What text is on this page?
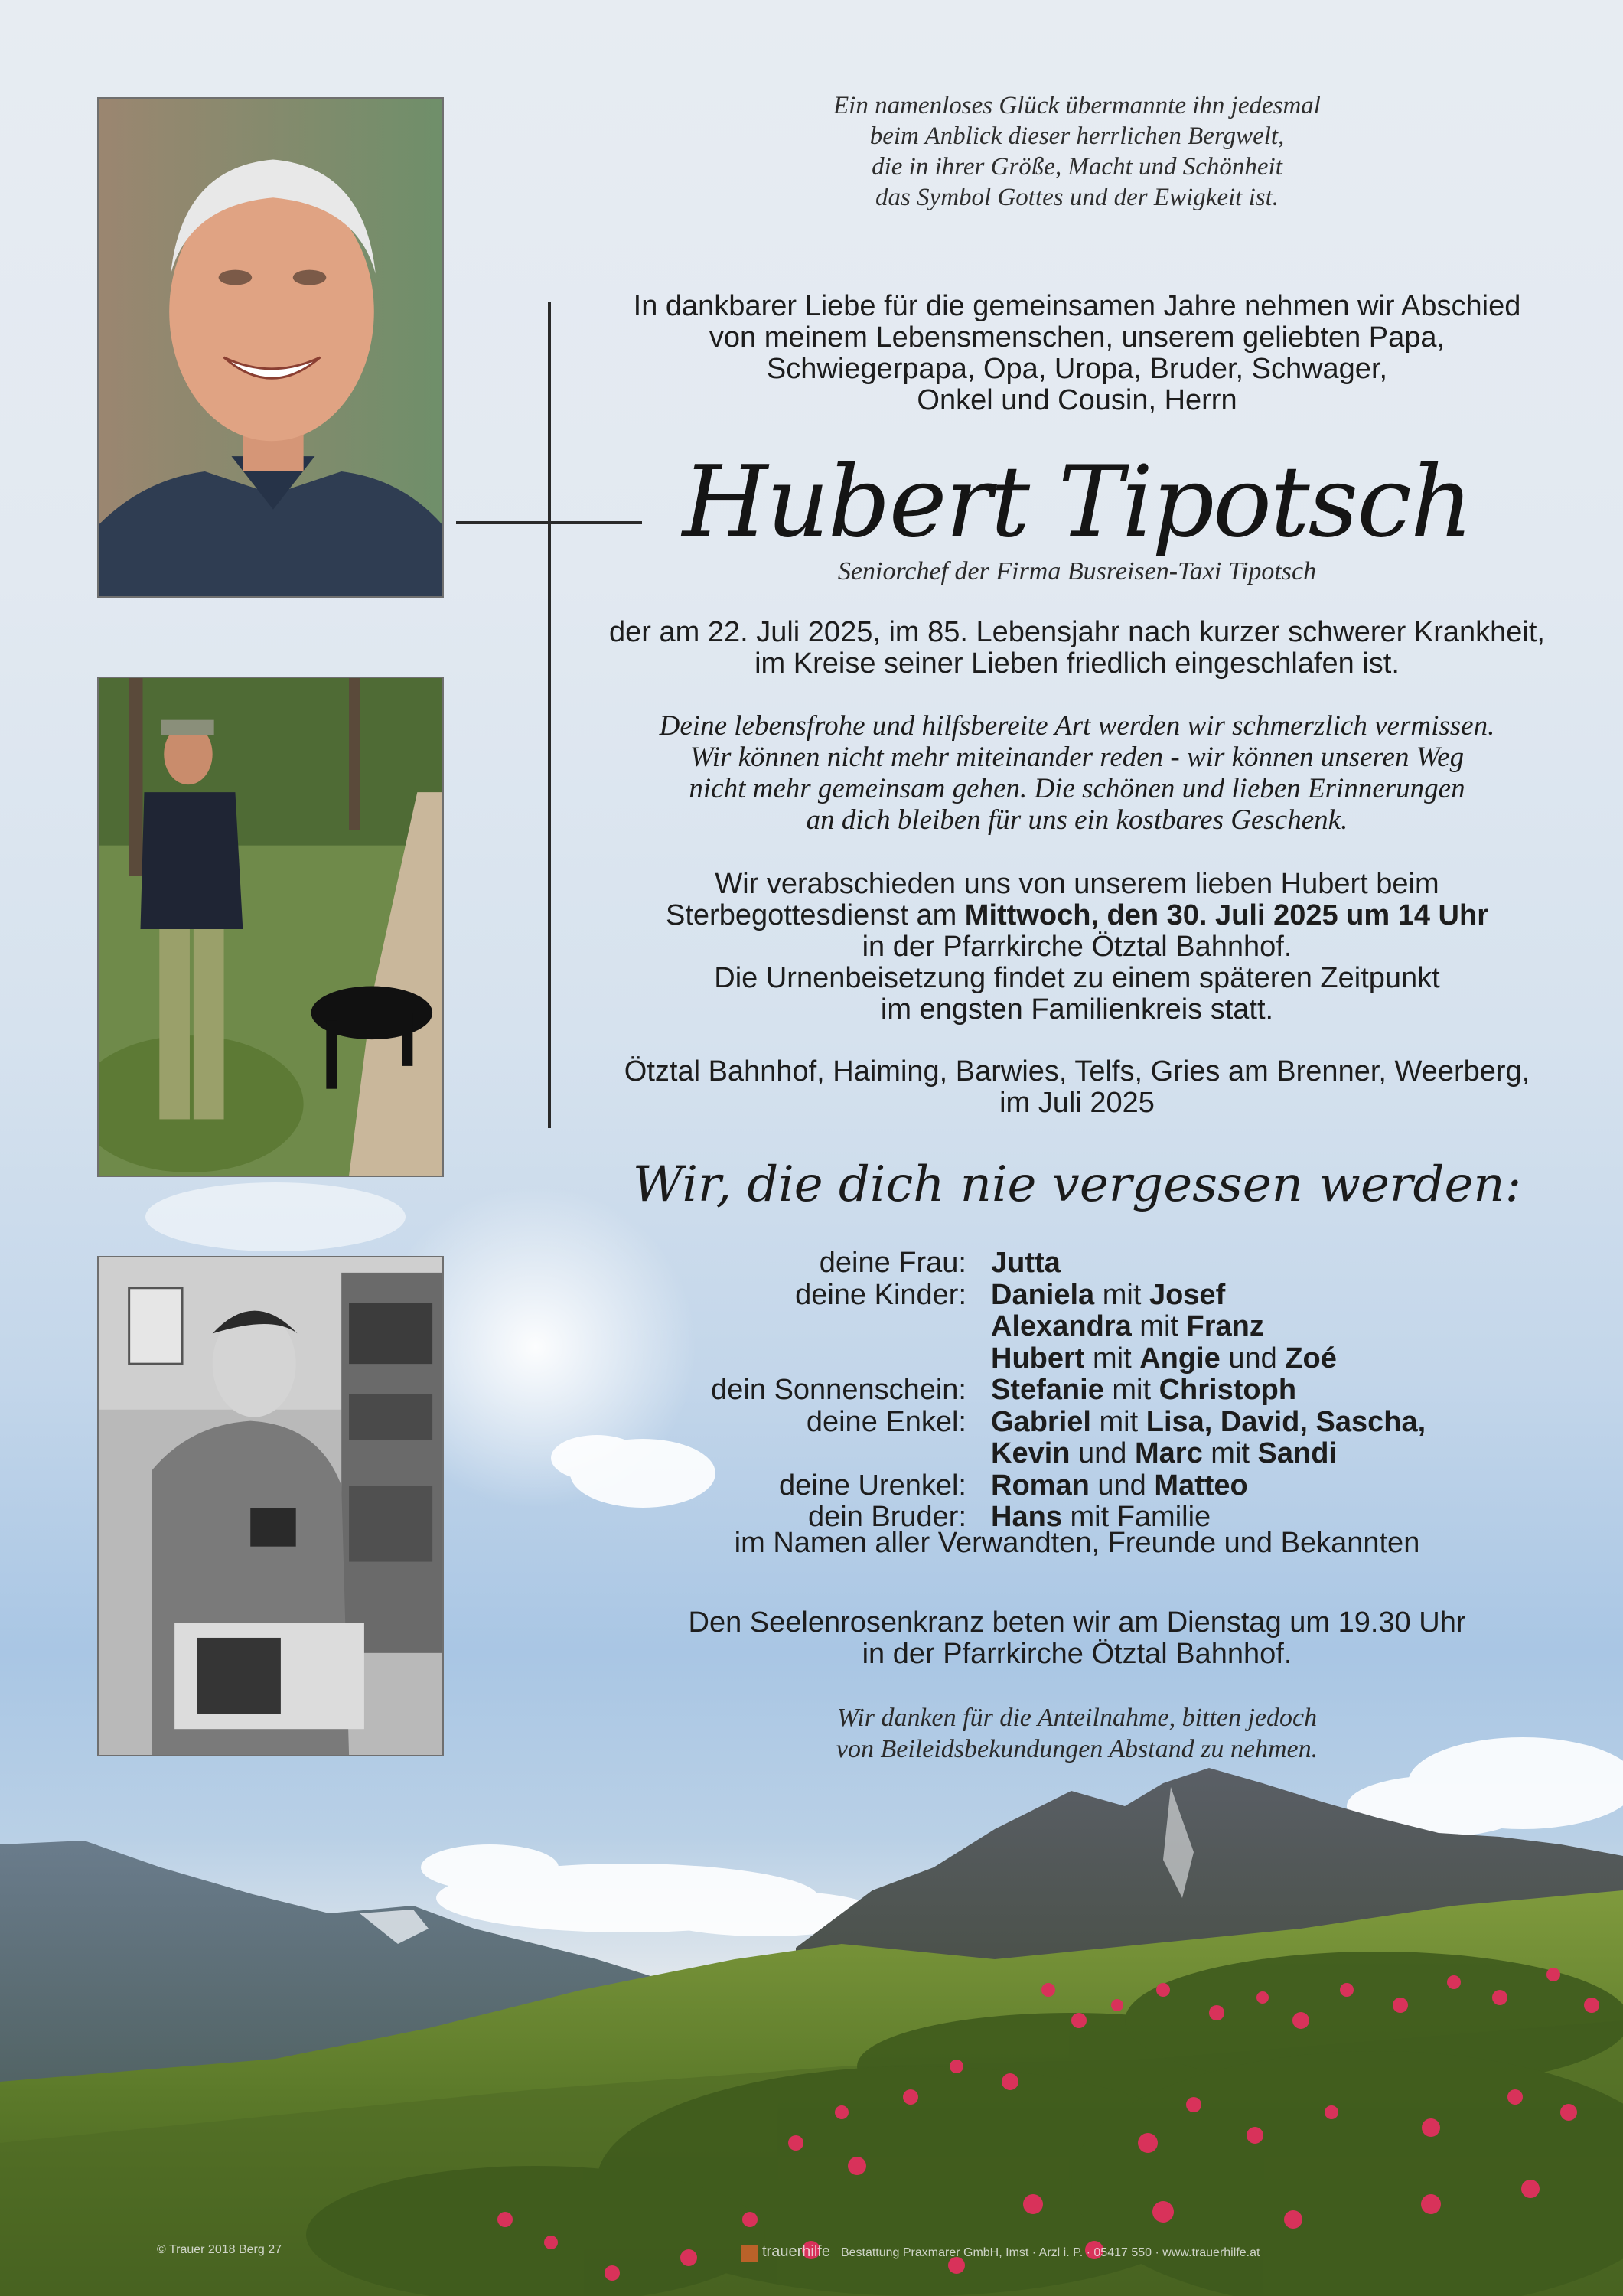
Ein namenloses Glück übermannte ihn jedesmal
beim Anblick dieser herrlichen Bergwelt,
die in ihrer Größe, Macht und Schönheit
das Symbol Gottes und der Ewigkeit ist.
In dankbarer Liebe für die gemeinsamen Jahre nehmen wir Abschied
von meinem Lebensmenschen, unserem geliebten Papa,
Schwiegerpapa, Opa, Uropa, Bruder, Schwager,
Onkel und Cousin, Herrn
Hubert Tipotsch
Seniorchef der Firma Busreisen-Taxi Tipotsch
der am 22. Juli 2025, im 85. Lebensjahr nach kurzer schwerer Krankheit,
im Kreise seiner Lieben friedlich eingeschlafen ist.
Deine lebensfrohe und hilfsbereite Art werden wir schmerzlich vermissen.
Wir können nicht mehr miteinander reden - wir können unseren Weg
nicht mehr gemeinsam gehen. Die schönen und lieben Erinnerungen
an dich bleiben für uns ein kostbares Geschenk.
Wir verabschieden uns von unserem lieben Hubert beim
Sterbegottesdienst am Mittwoch, den 30. Juli 2025 um 14 Uhr
in der Pfarrkirche Ötztal Bahnhof.
Die Urnenbeisetzung findet zu einem späteren Zeitpunkt
im engsten Familienkreis statt.
Ötztal Bahnhof, Haiming, Barwies, Telfs, Gries am Brenner, Weerberg,
im Juli 2025
Wir, die dich nie vergessen werden:
deine Frau:
deine Kinder:

dein Sonnenschein:
deine Enkel:

deine Urenkel:
dein Bruder:
Jutta
Daniela mit Josef
Alexandra mit Franz
Hubert mit Angie und Zoé
Stefanie mit Christoph
Gabriel mit Lisa, David, Sascha,
Kevin und Marc mit Sandi
Roman und Matteo
Hans mit Familie
im Namen aller Verwandten, Freunde und Bekannten
Den Seelenrosenkranz beten wir am Dienstag um 19.30 Uhr
in der Pfarrkirche Ötztal Bahnhof.
Wir danken für die Anteilnahme, bitten jedoch
von Beileidsbekundungen Abstand zu nehmen.
© Trauer 2018 Berg 27	trauerhilfe Bestattung Praxmarer GmbH, Imst · Arzl i. P. · 05417 550 · www.trauerhilfe.at
